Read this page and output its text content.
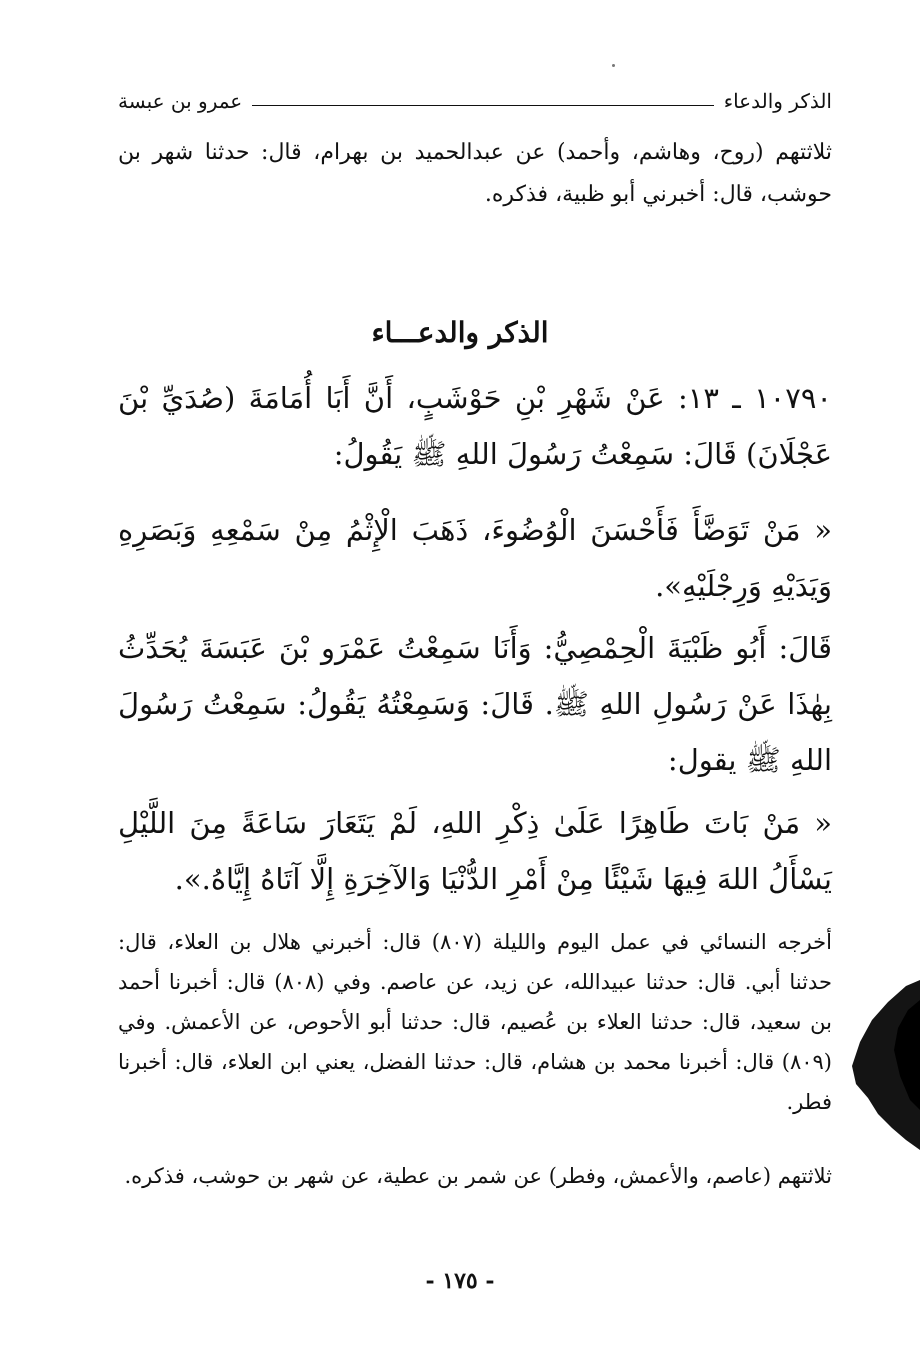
الذكر والدعاء
عمرو بن عبسة
ثلاثتهم (روح، وهاشم، وأحمد) عن عبدالحميد بن بهرام، قال: حدثنا شهر بن حوشب، قال: أخبرني أبو ظبية، فذكره.
الذكر والدعـــاء
١٠٧٩٠ ـ ١٣: عَنْ شَهْرِ بْنِ حَوْشَبٍ، أَنَّ أَبَا أُمَامَةَ (صُدَيِّ بْنَ عَجْلَانَ) قَالَ: سَمِعْتُ رَسُولَ اللهِ ﷺ يَقُولُ:
« مَنْ تَوَضَّأَ فَأَحْسَنَ الْوُضُوءَ، ذَهَبَ الْإِثْمُ مِنْ سَمْعِهِ وَبَصَرِهِ وَيَدَيْهِ وَرِجْلَيْهِ».
قَالَ: أَبُو ظَبْيَةَ الْحِمْصِيُّ: وَأَنَا سَمِعْتُ عَمْرَو بْنَ عَبَسَةَ يُحَدِّثُ بِهٰذَا عَنْ رَسُولِ اللهِ ﷺ. قَالَ: وَسَمِعْتُهُ يَقُولُ: سَمِعْتُ رَسُولَ اللهِ ﷺ يقول:
« مَنْ بَاتَ طَاهِرًا عَلَىٰ ذِكْرِ اللهِ، لَمْ يَتَعَارَ سَاعَةً مِنَ اللَّيْلِ يَسْأَلُ اللهَ فِيهَا شَيْئًا مِنْ أَمْرِ الدُّنْيَا وَالآخِرَةِ إِلَّا آتَاهُ إِيَّاهُ.».
أخرجه النسائي في عمل اليوم والليلة (٨٠٧) قال: أخبرني هلال بن العلاء، قال: حدثنا أبي. قال: حدثنا عبيدالله، عن زيد، عن عاصم. وفي (٨٠٨) قال: أخبرنا أحمد بن سعيد، قال: حدثنا العلاء بن عُصيم، قال: حدثنا أبو الأحوص، عن الأعمش. وفي (٨٠٩) قال: أخبرنا محمد بن هشام، قال: حدثنا الفضل، يعني ابن العلاء، قال: أخبرنا فطر.
ثلاثتهم (عاصم، والأعمش، وفطر) عن شمر بن عطية، عن شهر بن حوشب، فذكره.
- ١٧٥ -
